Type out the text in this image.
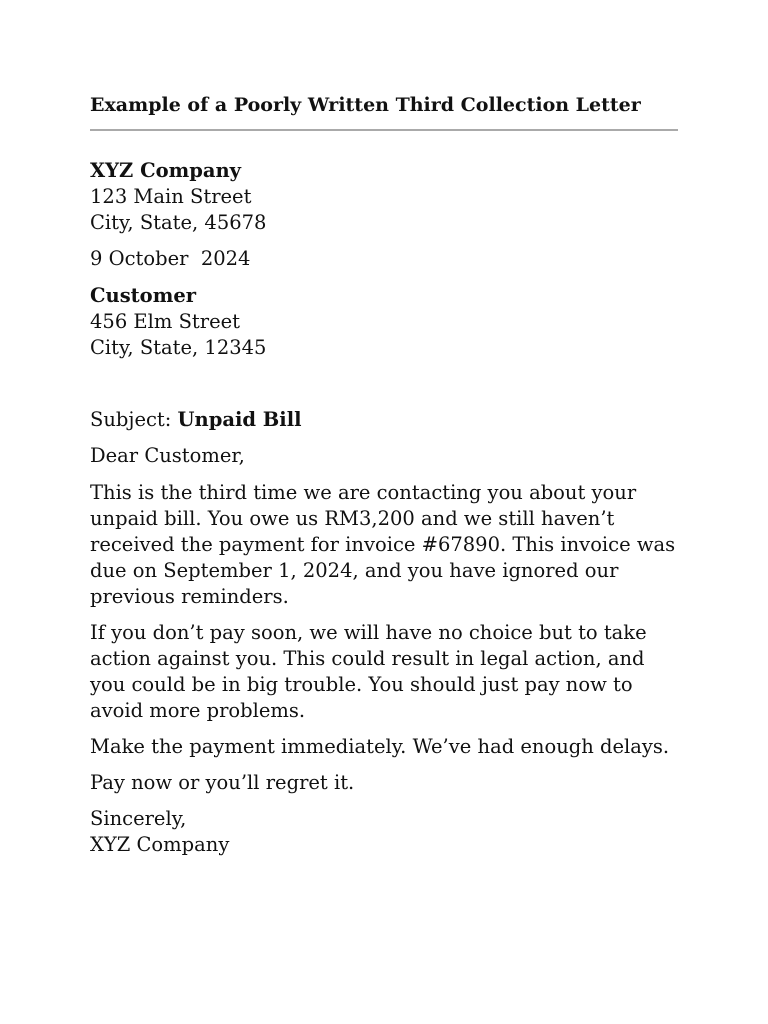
Example of a Poorly Written Third Collection Letter
XYZ Company
123 Main Street
City, State, 45678
9 October  2024
Customer
456 Elm Street
City, State, 12345
Subject: Unpaid Bill
Dear Customer,
This is the third time we are contacting you about your unpaid bill. You owe us RM3,200 and we still haven’t received the payment for invoice #67890. This invoice was due on September 1, 2024, and you have ignored our previous reminders.
If you don’t pay soon, we will have no choice but to take action against you. This could result in legal action, and you could be in big trouble. You should just pay now to avoid more problems.
Make the payment immediately. We’ve had enough delays.
Pay now or you’ll regret it.
Sincerely,
XYZ Company
